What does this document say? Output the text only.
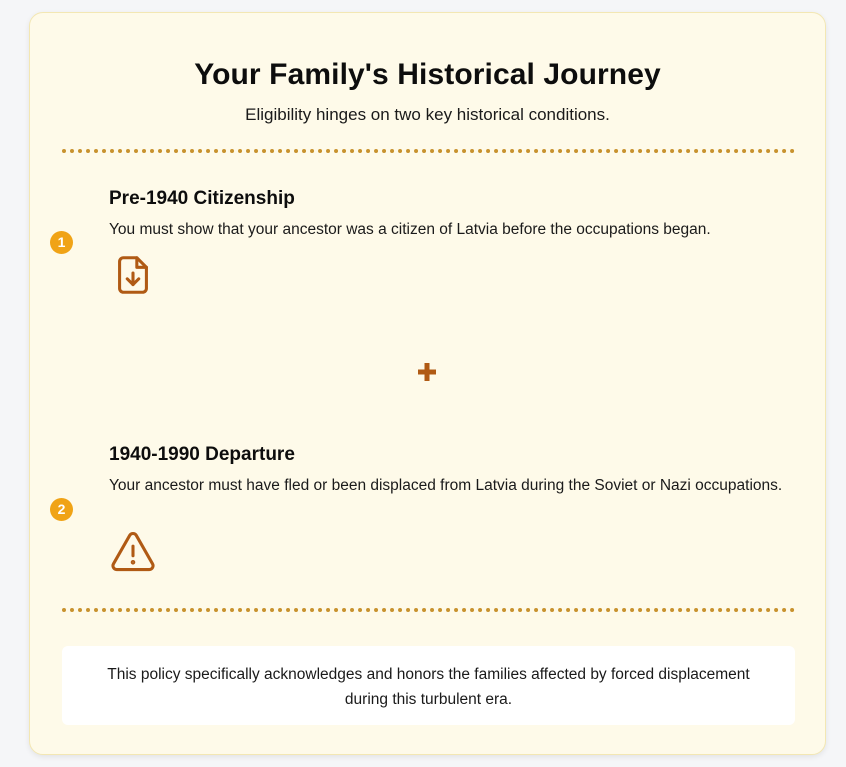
Your Family's Historical Journey
Eligibility hinges on two key historical conditions.
1
Pre-1940 Citizenship
You must show that your ancestor was a citizen of Latvia before the occupations began.
2
1940-1990 Departure
Your ancestor must have fled or been displaced from Latvia during the Soviet or Nazi occupations.
This policy specifically acknowledges and honors the families affected by forced displacement during this turbulent era.
